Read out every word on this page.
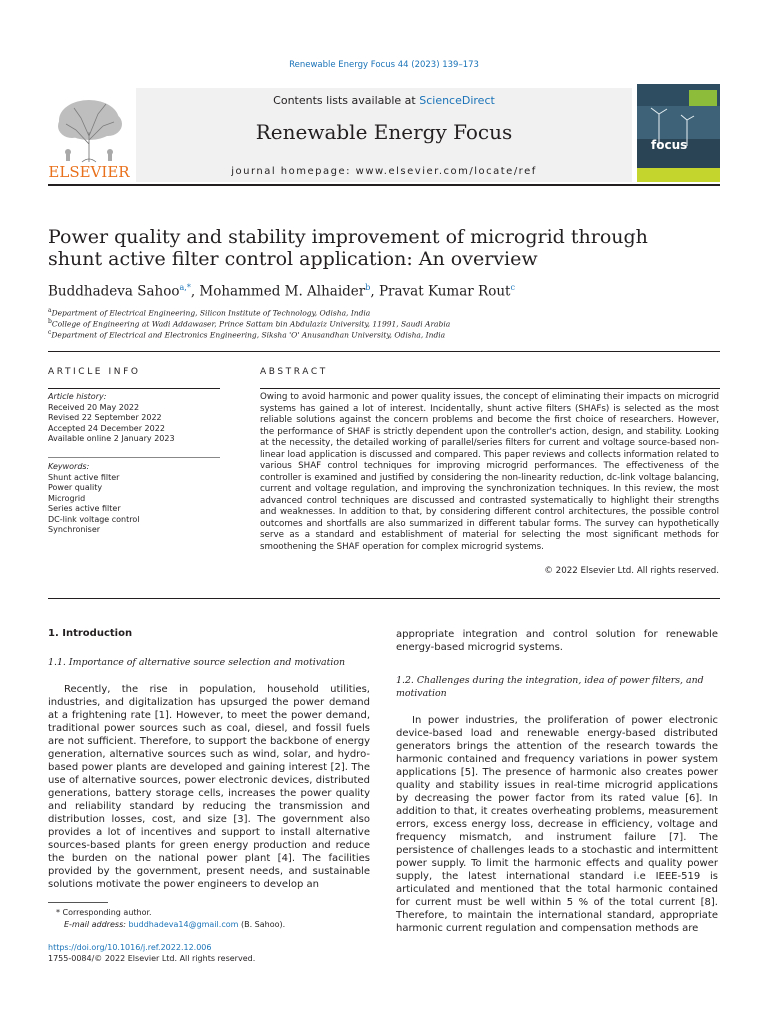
Renewable Energy Focus 44 (2023) 139–173
ELSEVIER
Contents lists available at ScienceDirect
Renewable Energy Focus
journal homepage: www.elsevier.com/locate/ref
focus
Power quality and stability improvement of microgrid through shunt active filter control application: An overview
Buddhadeva Sahoo$^{a,*}$, Mohammed M. Alhaider$^b$, Pravat Kumar Rout$^c$
$^a$Department of Electrical Engineering, Silicon Institute of Technology, Odisha, India
$^b$College of Engineering at Wadi Addawaser, Prince Sattam bin Abdulaziz University, 11991, Saudi Arabia
$^c$Department of Electrical and Electronics Engineering, Siksha 'O' Anusandhan University, Odisha, India
ARTICLE INFO	ABSTRACT
Article history:
Received 20 May 2022
Revised 22 September 2022
Accepted 24 December 2022
Available online 2 January 2023
Keywords:
Shunt active filter
Power quality
Microgrid
Series active filter
DC-link voltage control
Synchroniser
Owing to avoid harmonic and power quality issues, the concept of eliminating their impacts on microgrid systems has gained a lot of interest. Incidentally, shunt active filters (SHAFs) is selected as the most reliable solutions against the concern problems and become the first choice of researchers. However, the performance of SHAF is strictly dependent upon the controller's action, design, and stability. Looking at the necessity, the detailed working of parallel/series filters for current and voltage source-based non-linear load application is discussed and compared. This paper reviews and collects information related to various SHAF control techniques for improving microgrid performances. The effectiveness of the controller is examined and justified by considering the non-linearity reduction, dc-link voltage balancing, current and voltage regulation, and improving the synchronization techniques. In this review, the most advanced control techniques are discussed and contrasted systematically to highlight their strengths and weaknesses. In addition to that, by considering different control architectures, the possible control outcomes and shortfalls are also summarized in different tabular forms. The survey can hypothetically serve as a standard and establishment of material for selecting the most significant methods for smoothening the SHAF operation for complex microgrid systems.
© 2022 Elsevier Ltd. All rights reserved.
1. Introduction
1.1. Importance of alternative source selection and motivation
Recently, the rise in population, household utilities, industries, and digitalization has upsurged the power demand at a frightening rate [1]. However, to meet the power demand, traditional power sources such as coal, diesel, and fossil fuels are not sufficient. Therefore, to support the backbone of energy generation, alternative sources such as wind, solar, and hydro-based power plants are developed and gaining interest [2]. The use of alternative sources, power electronic devices, distributed generations, battery storage cells, increases the power quality and reliability standard by reducing the transmission and distribution losses, cost, and size [3]. The government also provides a lot of incentives and support to install alternative sources-based plants for green energy production and reduce the burden on the national power plant [4]. The facilities provided by the government, present needs, and sustainable solutions motivate the power engineers to develop an
appropriate integration and control solution for renewable energy-based microgrid systems.
1.2. Challenges during the integration, idea of power filters, and motivation
In power industries, the proliferation of power electronic device-based load and renewable energy-based distributed generators brings the attention of the research towards the harmonic contained and frequency variations in power system applications [5]. The presence of harmonic also creates power quality and stability issues in real-time microgrid applications by decreasing the power factor from its rated value [6]. In addition to that, it creates overheating problems, measurement errors, excess energy loss, decrease in efficiency, voltage and frequency mismatch, and instrument failure [7]. The persistence of challenges leads to a stochastic and intermittent power supply. To limit the harmonic effects and quality power supply, the latest international standard i.e IEEE-519 is articulated and mentioned that the total harmonic contained for current must be well within 5 % of the total current [8]. Therefore, to maintain the international standard, appropriate harmonic current regulation and compensation methods are
* Corresponding author.
E-mail address: buddhadeva14@gmail.com (B. Sahoo).
https://doi.org/10.1016/j.ref.2022.12.006
1755-0084/© 2022 Elsevier Ltd. All rights reserved.
